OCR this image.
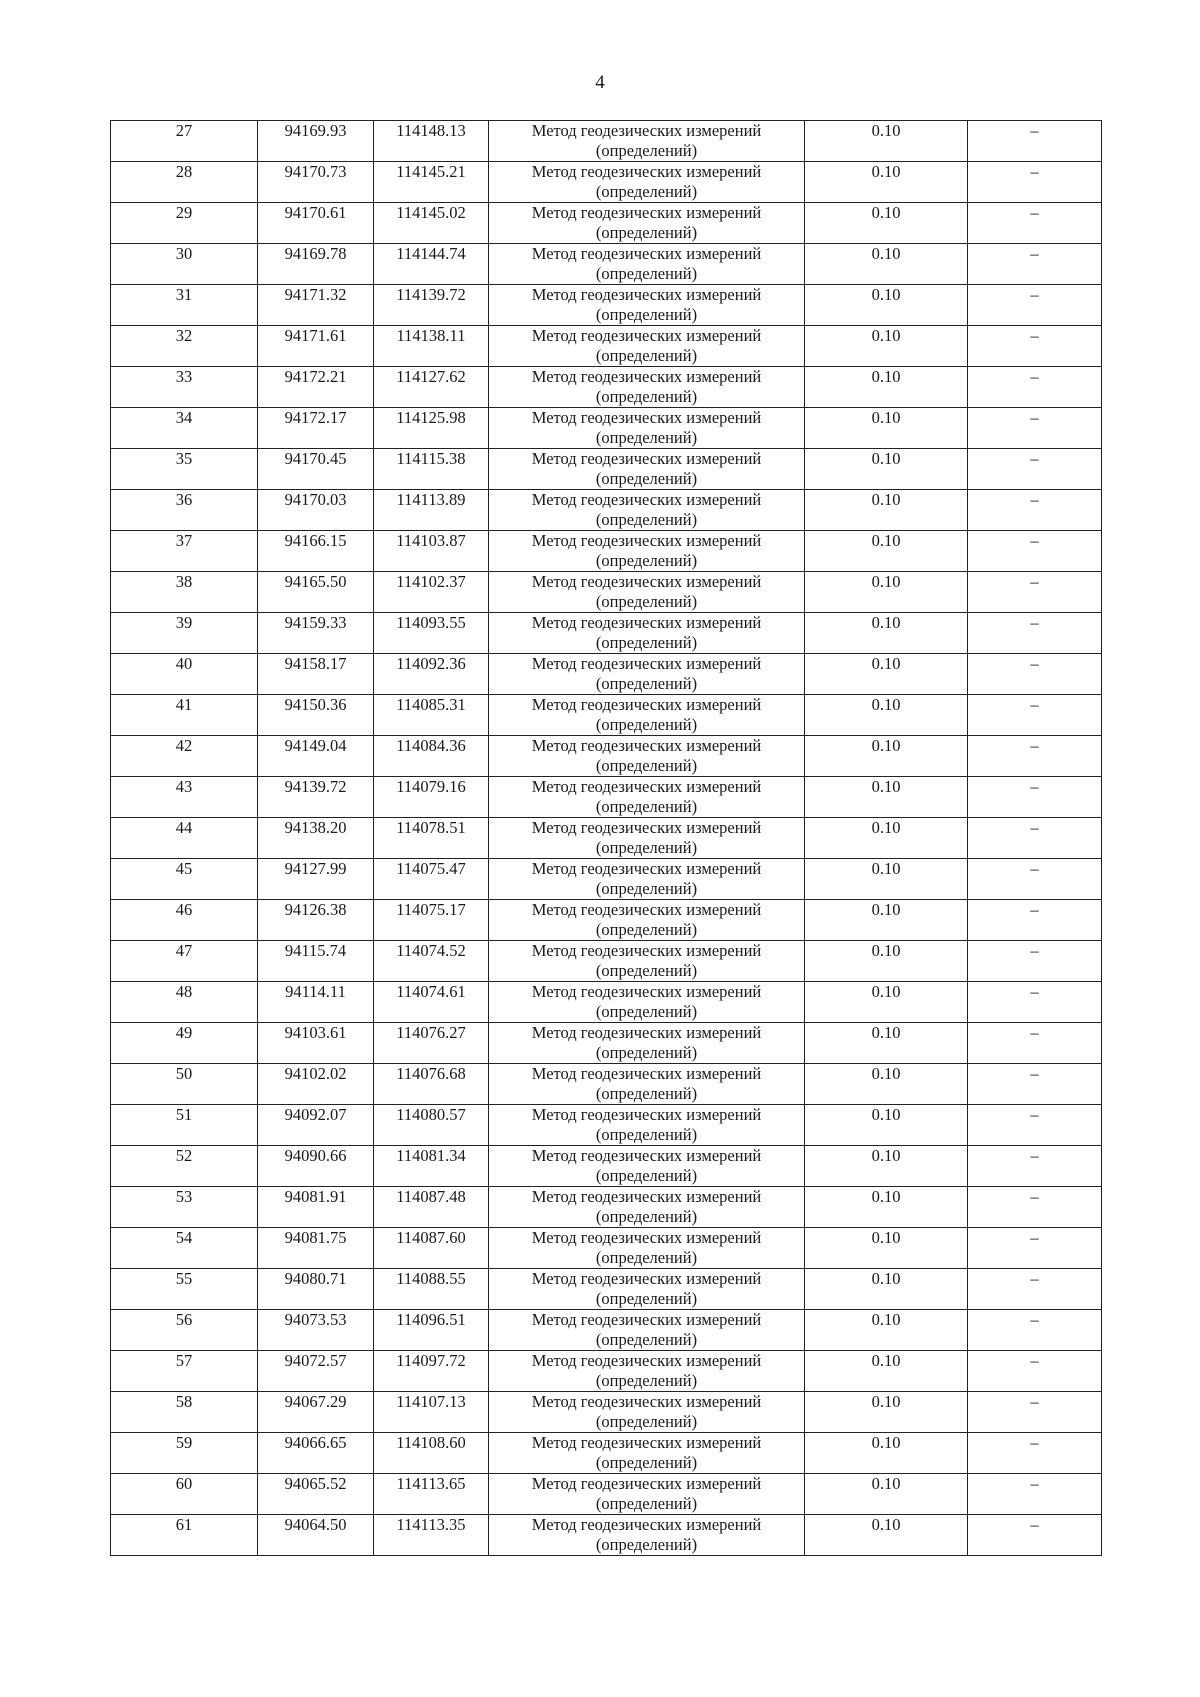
4
27	94169.93	114148.13	Метод геодезических измерений
(определений)	0.10	–
28	94170.73	114145.21	Метод геодезических измерений
(определений)	0.10	–
29	94170.61	114145.02	Метод геодезических измерений
(определений)	0.10	–
30	94169.78	114144.74	Метод геодезических измерений
(определений)	0.10	–
31	94171.32	114139.72	Метод геодезических измерений
(определений)	0.10	–
32	94171.61	114138.11	Метод геодезических измерений
(определений)	0.10	–
33	94172.21	114127.62	Метод геодезических измерений
(определений)	0.10	–
34	94172.17	114125.98	Метод геодезических измерений
(определений)	0.10	–
35	94170.45	114115.38	Метод геодезических измерений
(определений)	0.10	–
36	94170.03	114113.89	Метод геодезических измерений
(определений)	0.10	–
37	94166.15	114103.87	Метод геодезических измерений
(определений)	0.10	–
38	94165.50	114102.37	Метод геодезических измерений
(определений)	0.10	–
39	94159.33	114093.55	Метод геодезических измерений
(определений)	0.10	–
40	94158.17	114092.36	Метод геодезических измерений
(определений)	0.10	–
41	94150.36	114085.31	Метод геодезических измерений
(определений)	0.10	–
42	94149.04	114084.36	Метод геодезических измерений
(определений)	0.10	–
43	94139.72	114079.16	Метод геодезических измерений
(определений)	0.10	–
44	94138.20	114078.51	Метод геодезических измерений
(определений)	0.10	–
45	94127.99	114075.47	Метод геодезических измерений
(определений)	0.10	–
46	94126.38	114075.17	Метод геодезических измерений
(определений)	0.10	–
47	94115.74	114074.52	Метод геодезических измерений
(определений)	0.10	–
48	94114.11	114074.61	Метод геодезических измерений
(определений)	0.10	–
49	94103.61	114076.27	Метод геодезических измерений
(определений)	0.10	–
50	94102.02	114076.68	Метод геодезических измерений
(определений)	0.10	–
51	94092.07	114080.57	Метод геодезических измерений
(определений)	0.10	–
52	94090.66	114081.34	Метод геодезических измерений
(определений)	0.10	–
53	94081.91	114087.48	Метод геодезических измерений
(определений)	0.10	–
54	94081.75	114087.60	Метод геодезических измерений
(определений)	0.10	–
55	94080.71	114088.55	Метод геодезических измерений
(определений)	0.10	–
56	94073.53	114096.51	Метод геодезических измерений
(определений)	0.10	–
57	94072.57	114097.72	Метод геодезических измерений
(определений)	0.10	–
58	94067.29	114107.13	Метод геодезических измерений
(определений)	0.10	–
59	94066.65	114108.60	Метод геодезических измерений
(определений)	0.10	–
60	94065.52	114113.65	Метод геодезических измерений
(определений)	0.10	–
61	94064.50	114113.35	Метод геодезических измерений
(определений)	0.10	–
